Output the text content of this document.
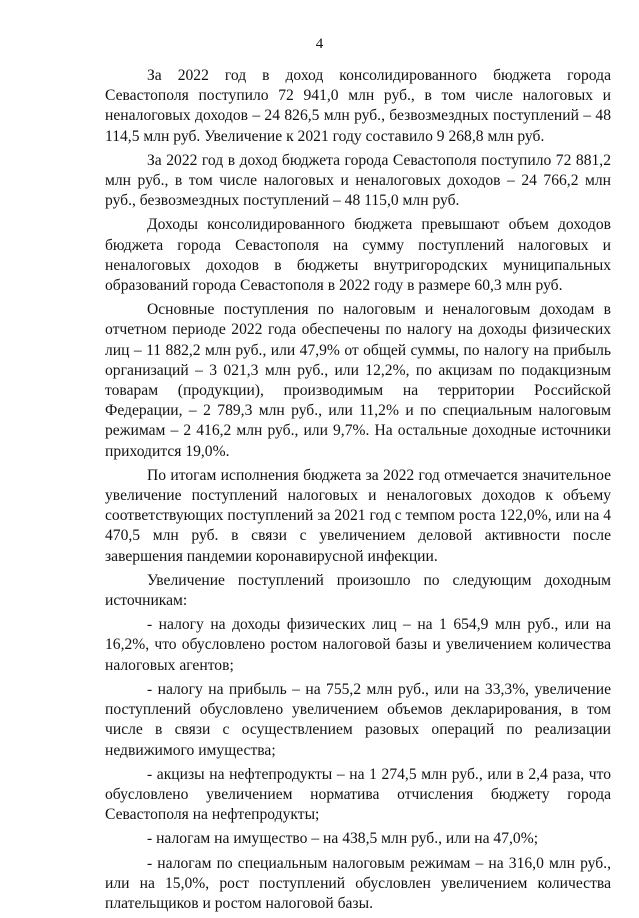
4

За 2022 год в доход консолидированного бюджета города Севастополя поступило 72 941,0 млн руб., в том числе налоговых и неналоговых доходов – 24 826,5 млн руб., безвозмездных поступлений – 48 114,5 млн руб. Увеличение к 2021 году составило 9 268,8 млн руб.

За 2022 год в доход бюджета города Севастополя поступило 72 881,2 млн руб., в том числе налоговых и неналоговых доходов – 24 766,2 млн руб., безвозмездных поступлений – 48 115,0 млн руб.

Доходы консолидированного бюджета превышают объем доходов бюджета города Севастополя на сумму поступлений налоговых и неналоговых доходов в бюджеты внутригородских муниципальных образований города Севастополя в 2022 году в размере 60,3 млн руб.

Основные поступления по налоговым и неналоговым доходам в отчетном периоде 2022 года обеспечены по налогу на доходы физических лиц – 11 882,2 млн руб., или 47,9% от общей суммы, по налогу на прибыль организаций – 3 021,3 млн руб., или 12,2%, по акцизам по подакцизным товарам (продукции), производимым на территории Российской Федерации, – 2 789,3 млн руб., или 11,2% и по специальным налоговым режимам – 2 416,2 млн руб., или 9,7%. На остальные доходные источники приходится 19,0%.

По итогам исполнения бюджета за 2022 год отмечается значительное увеличение поступлений налоговых и неналоговых доходов к объему соответствующих поступлений за 2021 год с темпом роста 122,0%, или на 4 470,5 млн руб. в связи с увеличением деловой активности после завершения пандемии коронавирусной инфекции.

Увеличение поступлений произошло по следующим доходным источникам:

- налогу на доходы физических лиц – на 1 654,9 млн руб., или на 16,2%, что обусловлено ростом налоговой базы и увеличением количества налоговых агентов;

- налогу на прибыль – на 755,2 млн руб., или на 33,3%, увеличение поступлений обусловлено увеличением объемов декларирования, в том числе в связи с осуществлением разовых операций по реализации недвижимого имущества;

- акцизы на нефтепродукты – на 1 274,5 млн руб., или в 2,4 раза, что обусловлено увеличением норматива отчисления бюджету города Севастополя на нефтепродукты;

- налогам на имущество – на 438,5 млн руб., или на 47,0%;

- налогам по специальным налоговым режимам – на 316,0 млн руб., или на 15,0%, рост поступлений обусловлен увеличением количества плательщиков и ростом налоговой базы.
